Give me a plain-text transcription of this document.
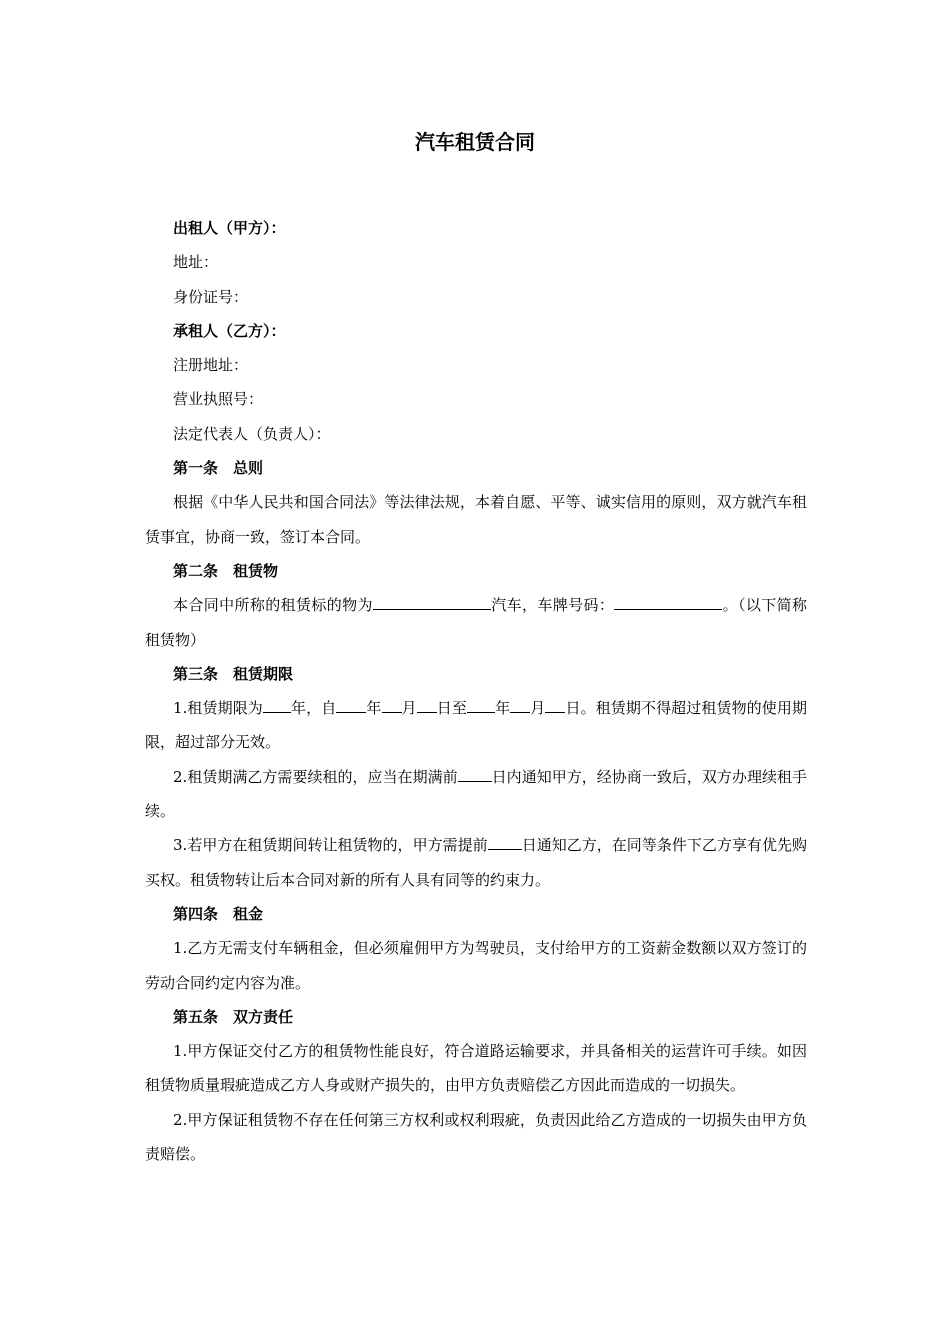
汽车租赁合同

出租人（甲方）：

地址：

身份证号：

承租人（乙方）：

注册地址：

营业执照号：

法定代表人（负责人）：

第一条　总则

根据《中华人民共和国合同法》等法律法规，本着自愿、平等、诚实信用的原则，双方就汽车租赁事宜，协商一致，签订本合同。

第二条　租赁物

本合同中所称的租赁标的物为	汽车，车牌号码：	。（以下简称租赁物）

第三条　租赁期限

1.租赁期限为 年，自 年 月 日至 年 月 日。租赁期不得超过租赁物的使用期限，超过部分无效。

2.租赁期满乙方需要续租的，应当在期满前 日内通知甲方，经协商一致后，双方办理续租手续。

3.若甲方在租赁期间转让租赁物的，甲方需提前 日通知乙方，在同等条件下乙方享有优先购买权。租赁物转让后本合同对新的所有人具有同等的约束力。

第四条　租金

1.乙方无需支付车辆租金，但必须雇佣甲方为驾驶员，支付给甲方的工资薪金数额以双方签订的劳动合同约定内容为准。

第五条　双方责任

1.甲方保证交付乙方的租赁物性能良好，符合道路运输要求，并具备相关的运营许可手续。如因租赁物质量瑕疵造成乙方人身或财产损失的，由甲方负责赔偿乙方因此而造成的一切损失。

2.甲方保证租赁物不存在任何第三方权利或权利瑕疵，负责因此给乙方造成的一切损失由甲方负责赔偿。
